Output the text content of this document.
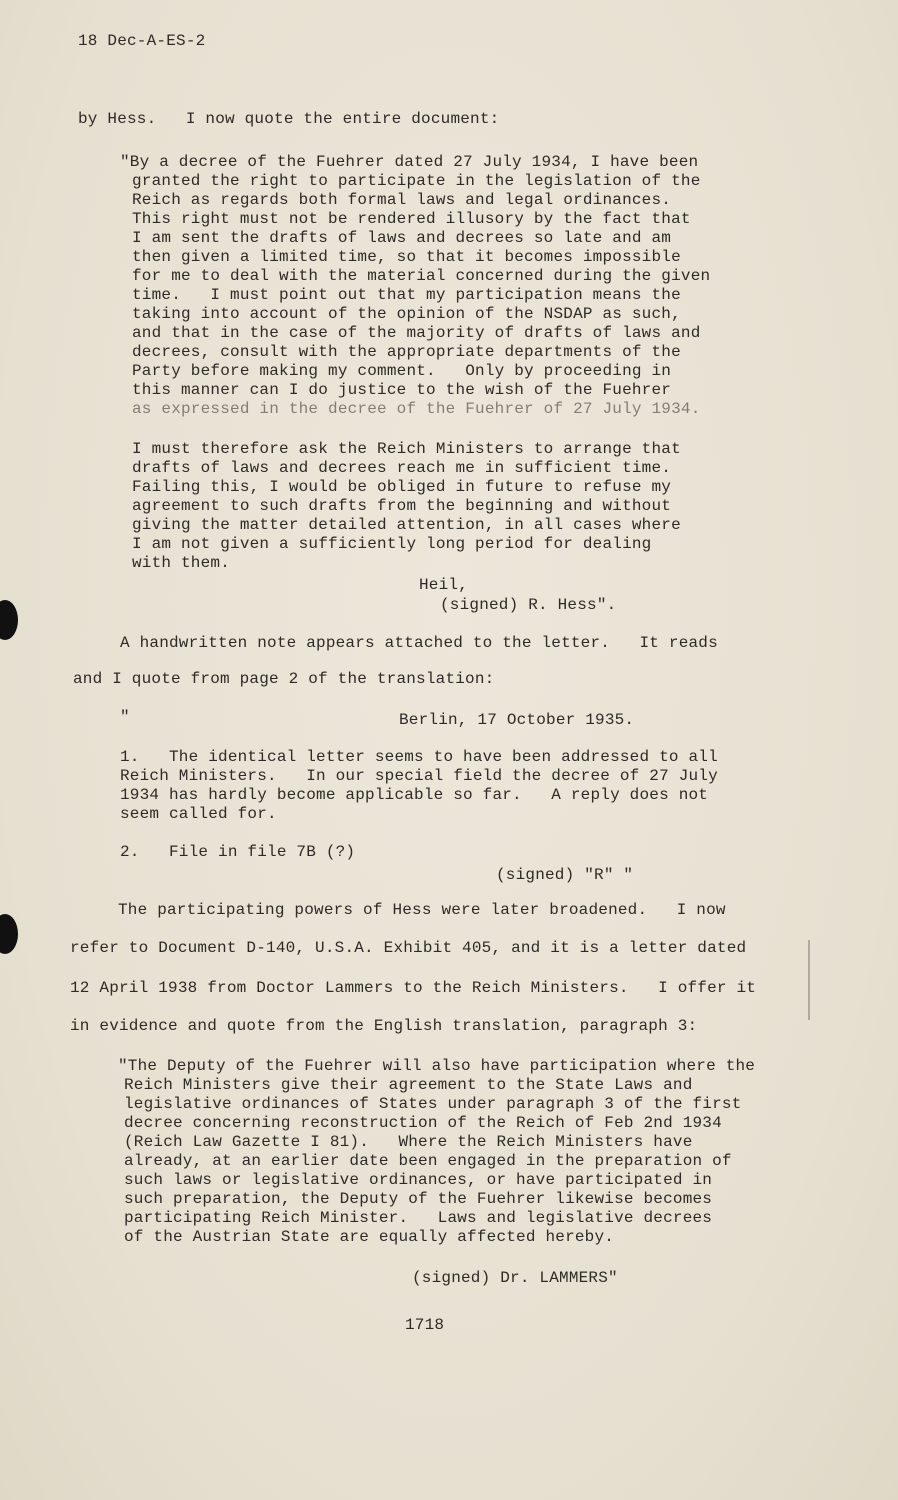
18 Dec-A-ES-2
by Hess.   I now quote the entire document:
"By a decree of the Fuehrer dated 27 July 1934, I have been
granted the right to participate in the legislation of the
Reich as regards both formal laws and legal ordinances.
This right must not be rendered illusory by the fact that
I am sent the drafts of laws and decrees so late and am
then given a limited time, so that it becomes impossible
for me to deal with the material concerned during the given
time.   I must point out that my participation means the
taking into account of the opinion of the NSDAP as such,
and that in the case of the majority of drafts of laws and
decrees, consult with the appropriate departments of the
Party before making my comment.   Only by proceeding in
this manner can I do justice to the wish of the Fuehrer
as expressed in the decree of the Fuehrer of 27 July 1934.
I must therefore ask the Reich Ministers to arrange that
drafts of laws and decrees reach me in sufficient time.
Failing this, I would be obliged in future to refuse my
agreement to such drafts from the beginning and without
giving the matter detailed attention, in all cases where
I am not given a sufficiently long period for dealing
with them.
Heil,
(signed) R. Hess".
A handwritten note appears attached to the letter.   It reads
and I quote from page 2 of the translation:
"	Berlin, 17 October 1935.
1.   The identical letter seems to have been addressed to all
Reich Ministers.   In our special field the decree of 27 July
1934 has hardly become applicable so far.   A reply does not
seem called for.
2.   File in file 7B (?)
(signed) "R" "
The participating powers of Hess were later broadened.   I now
refer to Document D-140, U.S.A. Exhibit 405, and it is a letter dated
12 April 1938 from Doctor Lammers to the Reich Ministers.   I offer it
in evidence and quote from the English translation, paragraph 3:
"The Deputy of the Fuehrer will also have participation where the
Reich Ministers give their agreement to the State Laws and
legislative ordinances of States under paragraph 3 of the first
decree concerning reconstruction of the Reich of Feb 2nd 1934
(Reich Law Gazette I 81).   Where the Reich Ministers have
already, at an earlier date been engaged in the preparation of
such laws or legislative ordinances, or have participated in
such preparation, the Deputy of the Fuehrer likewise becomes
participating Reich Minister.   Laws and legislative decrees
of the Austrian State are equally affected hereby.
(signed) Dr. LAMMERS"
1718
